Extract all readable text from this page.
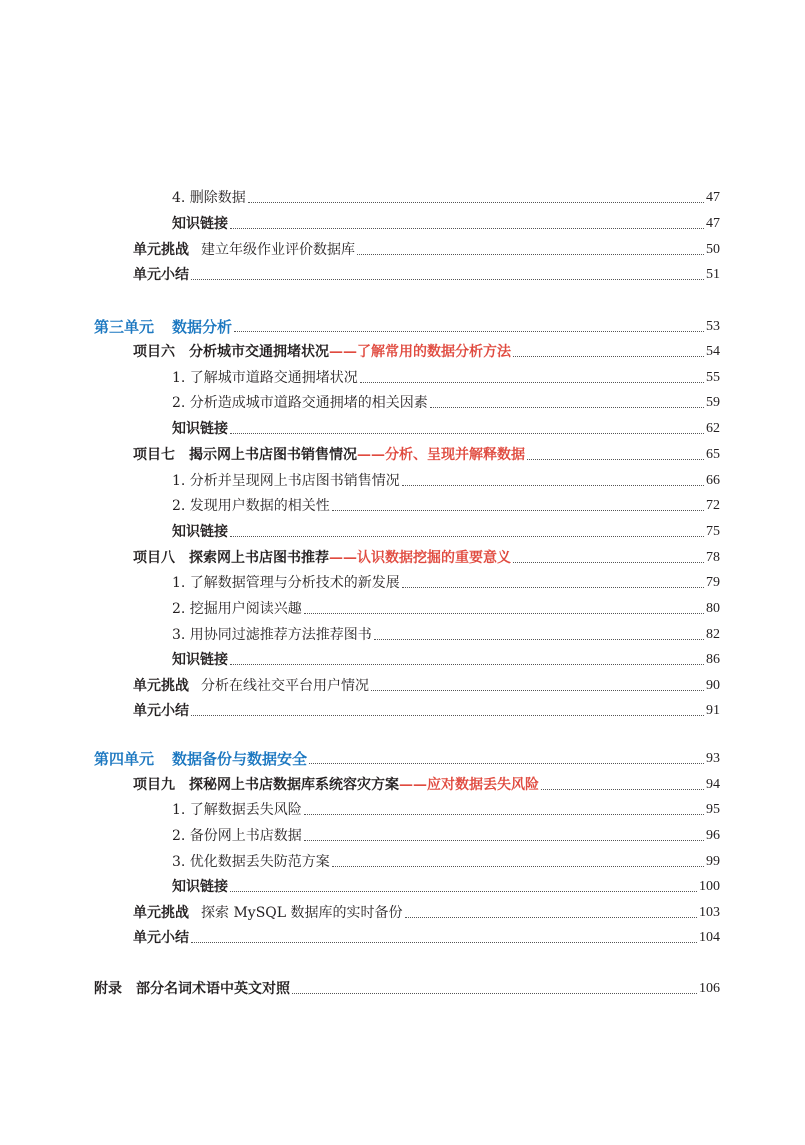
4. 删除数据	47
知识链接	47
单元挑战 建立年级作业评价数据库	50
单元小结	51
第三单元 数据分析	53
项目六 分析城市交通拥堵状况 ——了解常用的数据分析方法	54
1. 了解城市道路交通拥堵状况	55
2. 分析造成城市道路交通拥堵的相关因素	59
知识链接	62
项目七 揭示网上书店图书销售情况 ——分析、呈现并解释数据	65
1. 分析并呈现网上书店图书销售情况	66
2. 发现用户数据的相关性	72
知识链接	75
项目八 探索网上书店图书推荐 ——认识数据挖掘的重要意义	78
1. 了解数据管理与分析技术的新发展	79
2. 挖掘用户阅读兴趣	80
3. 用协同过滤推荐方法推荐图书	82
知识链接	86
单元挑战 分析在线社交平台用户情况	90
单元小结	91
第四单元 数据备份与数据安全	93
项目九 探秘网上书店数据库系统容灾方案 ——应对数据丢失风险	94
1. 了解数据丢失风险	95
2. 备份网上书店数据	96
3. 优化数据丢失防范方案	99
知识链接	100
单元挑战 探索 MySQL 数据库的实时备份	103
单元小结	104
附录 部分名词术语中英文对照	106
